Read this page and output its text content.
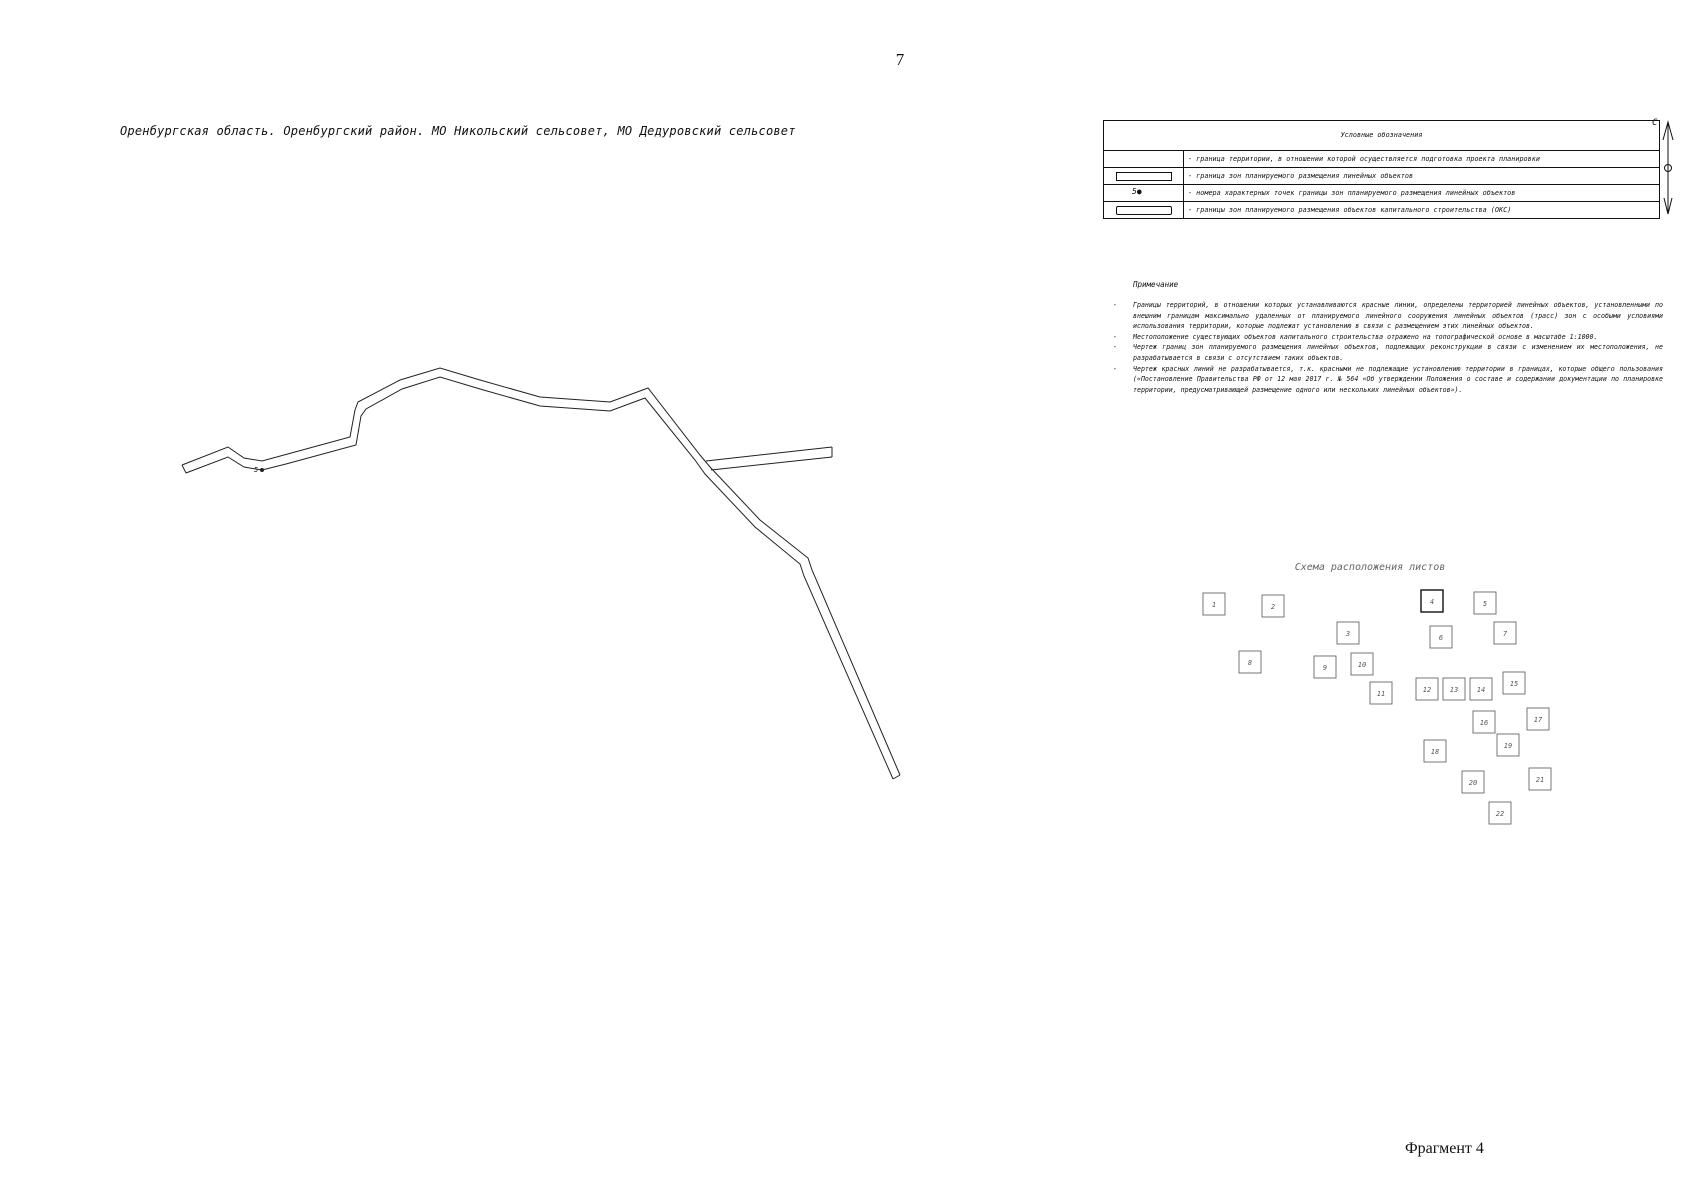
5
7
Оренбургская область. Оренбургский район. МО Никольский сельсовет, МО Дедуровский сельсовет	Условные обозначения
- граница территории, в отношении которой осуществляется подготовка проекта планировки
- граница зон планируемого размещения линейных объектов
5●	- номера характерных точек границы зон планируемого размещения линейных объектов
- границы зон планируемого размещения объектов капитального строительства (ОКС)
С
Примечание
- Границы территорий, в отношении которых устанавливаются красные линии, определены территорией линейных объектов, установленными по внешним границам максимально удаленных от планируемого линейного сооружения линейных объектов (трасс) зон с особыми условиями использования территории, которые подлежат установлению в связи с размещением этих линейных объектов.
- Местоположение существующих объектов капитального строительства отражено на топографической основе в масштабе 1:1000.
- Чертеж границ зон планируемого размещения линейных объектов, подлежащих реконструкции в связи с изменением их местоположения, не разрабатывается в связи с отсутствием таких объектов.
- Чертеж красных линий не разрабатывается, т.к. красными не подлежащие установлению территории в границах, которые общего пользования («Постановление Правительства РФ от 12 мая 2017 г. № 564 «Об утверждении Положения о составе и содержании документации по планировке территории, предусматривающей размещение одного или нескольких линейных объектов»).
Схема расположения листов
1	2
3
4	5
6	7
8
9	10
11	12	13	14
15
16	17
18
19
20	21
22
Фрагмент 4
